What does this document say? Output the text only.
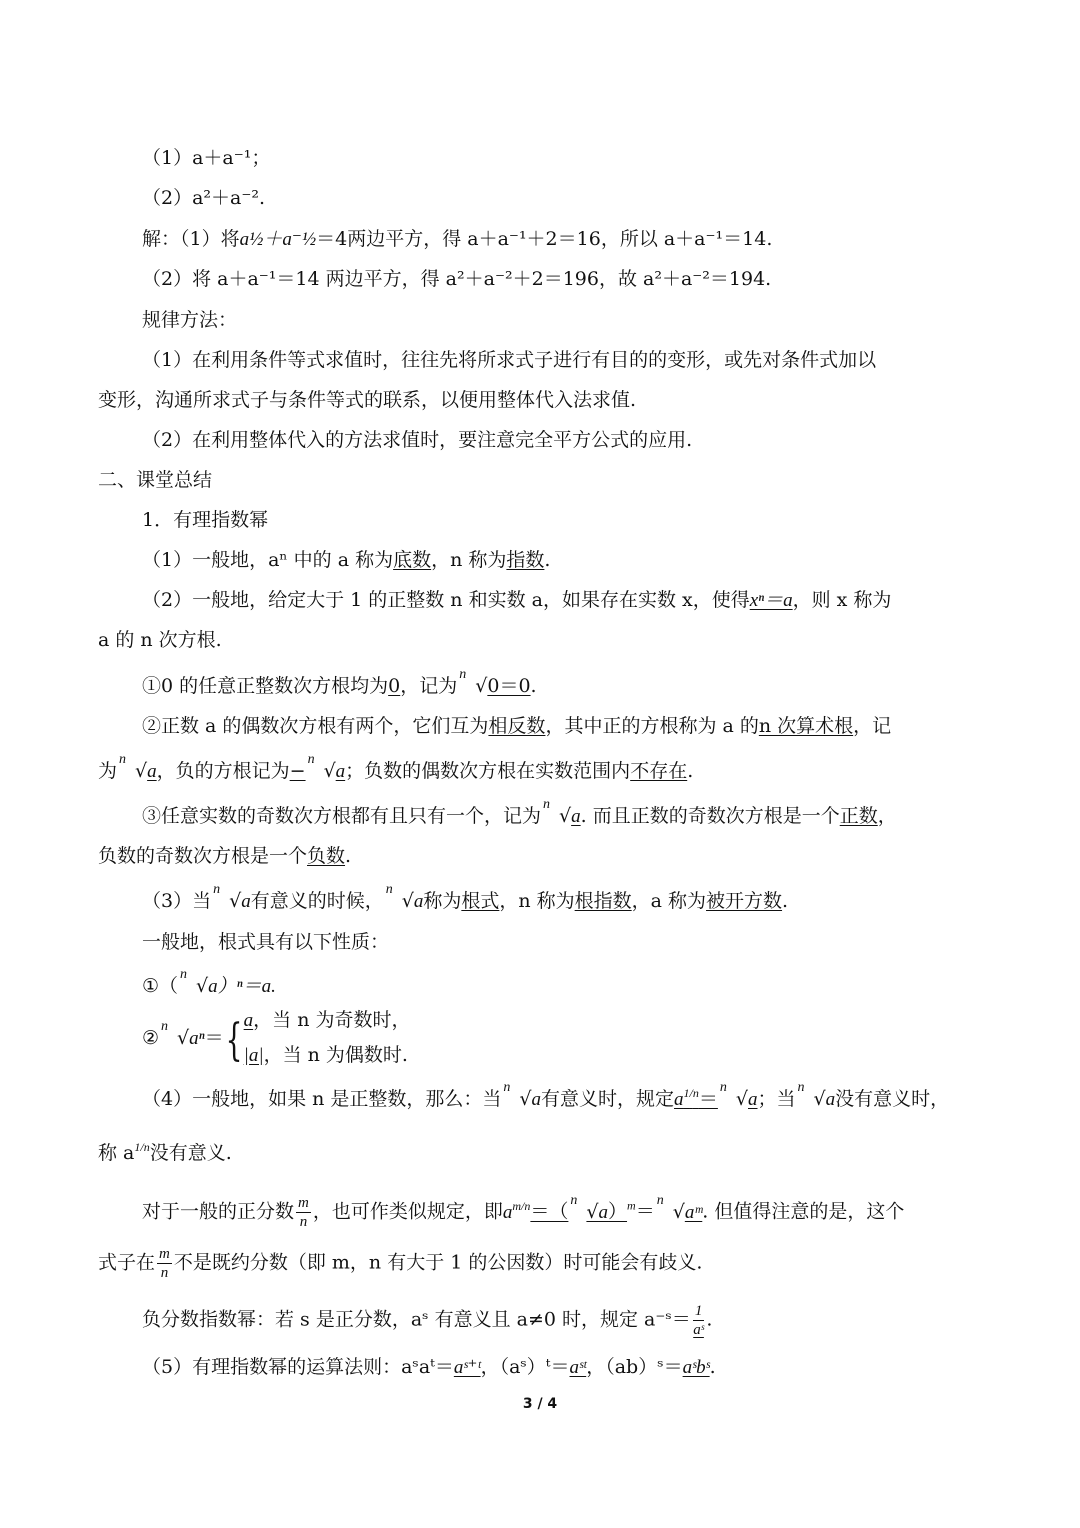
（1）a＋a⁻¹；
（2）a²＋a⁻².
解：（1）将a½＋a⁻½＝4两边平方，得 a＋a⁻¹＋2＝16，所以 a＋a⁻¹＝14.
（2）将 a＋a⁻¹＝14 两边平方，得 a²＋a⁻²＋2＝196，故 a²＋a⁻²＝194.
规律方法：
（1）在利用条件等式求值时，往往先将所求式子进行有目的的变形，或先对条件式加以
变形，沟通所求式子与条件等式的联系，以便用整体代入法求值.
（2）在利用整体代入的方法求值时，要注意完全平方公式的应用.
二、课堂总结
1．有理指数幂
（1）一般地，aⁿ 中的 a 称为底数，n 称为指数.
（2）一般地，给定大于 1 的正整数 n 和实数 a，如果存在实数 x，使得xⁿ＝a，则 x 称为
a 的 n 次方根.
①0 的任意正整数次方根均为0，记为
n
√0＝0.
②正数 a 的偶数次方根有两个，它们互为相反数，其中正的方根称为 a 的n 次算术根，记
为
n
√a，负的方根记为−
n
√a；负数的偶数次方根在实数范围内不存在.
③任意实数的奇数次方根都有且只有一个，记为
n
√a. 而且正数的奇数次方根是一个正数，
负数的奇数次方根是一个负数.
（3）当
n
√a有意义的时候，
n
√a称为根式，n 称为根指数，a 称为被开方数.
一般地，根式具有以下性质：
①（
n
√a）ⁿ＝a.
②
n
√aⁿ＝{ a，当 n 为奇数时，
|a|，当 n 为偶数时.
（4）一般地，如果 n 是正整数，那么：当
n
√a有意义时，规定$a^{1/n}=$
n
√a；当
n
√a没有意义时，
称 $a^{1/n}$没有意义.
对于一般的正分数 $\frac{m}{n}$ ，也可作类似规定，即$a^{m/n}=$（
n
√a）$^m$＝
n
√aᵐ. 但值得注意的是，这个
式子在 $\frac{m}{n}$ 不是既约分数（即 m，n 有大于 1 的公因数）时可能会有歧义.
负分数指数幂：若 s 是正分数，aˢ 有意义且 a≠0 时，规定 a⁻ˢ＝ $\frac{1}{\text{aˢ}}$ .
（5）有理指数幂的运算法则：aˢaᵗ＝aˢ⁺ᵗ，（aˢ）ᵗ＝aˢᵗ，（ab）ˢ＝aˢbˢ.
3 / 4
